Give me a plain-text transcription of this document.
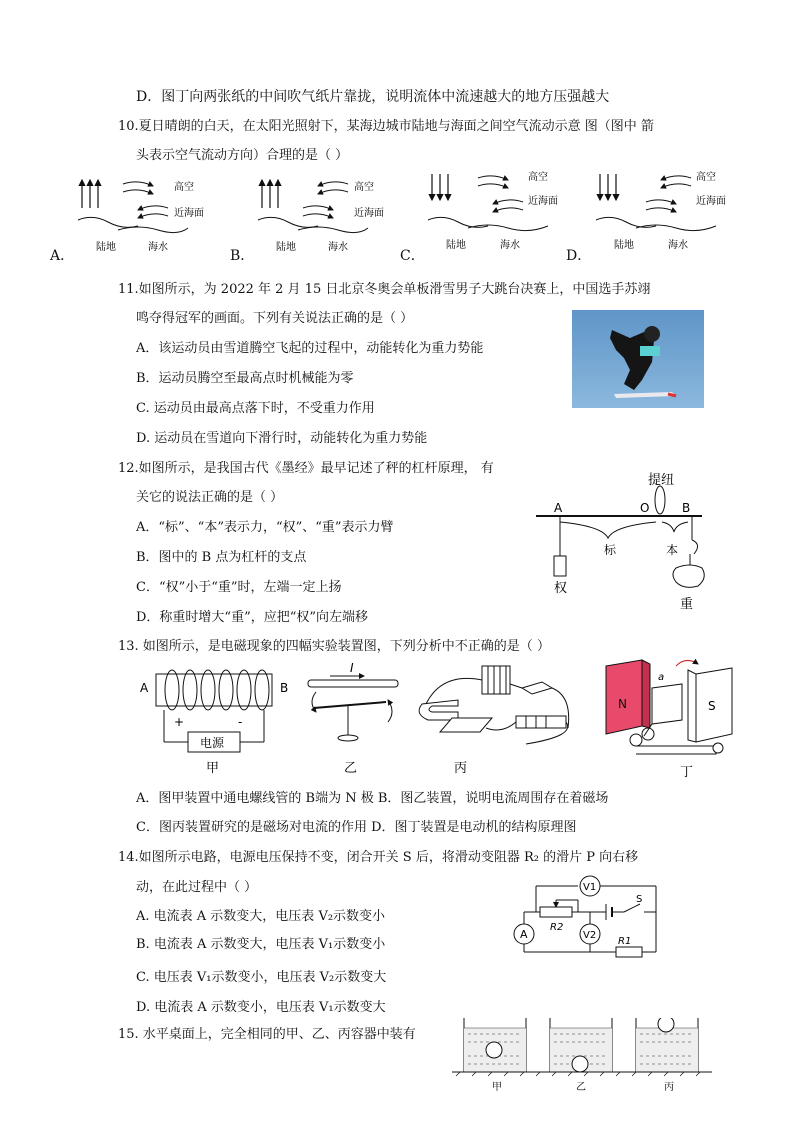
D．图丁向两张纸的中间吹气纸片靠拢，说明流体中流速越大的地方压强越大
10.夏日晴朗的白天，在太阳光照射下，某海边城市陆地与海面之间空气流动示意 图（图中 箭
头表示空气流动方向）合理的是（ ）
高空
近海面
陆地	海水
高空
近海面
陆地	海水
高空
近海面
陆地	海水
高空
近海面
陆地	海水
A．	B．	C．	D．
11.如图所示，为 2022 年 2 月 15 日北京冬奥会单板滑雪男子大跳台决赛上，中国选手苏翊
鸣夺得冠军的画面。下列有关说法正确的是（ ）
A．该运动员由雪道腾空飞起的过程中，动能转化为重力势能
B．运动员腾空至最高点时机械能为零
C. 运动员由最高点落下时，不受重力作用
D. 运动员在雪道向下滑行时，动能转化为重力势能
12.如图所示，是我国古代《墨经》最早记述了秤的杠杆原理， 有
关它的说法正确的是（ ）
A．“标”、“本”表示力，“权”、“重”表示力臂
B．图中的 B 点为杠杆的支点
C．“权”小于“重”时，左端一定上扬
D．称重时增大“重”，应把“权”向左端移
提纽
A	O	B
标	本
权
重
13. 如图所示，是电磁现象的四幅实验装置图，下列分析中不正确的是（ ）
A	B
电源
+	-
甲
I
乙	丙
N	S
a
丁
A．图甲装置中通电螺线管的 B端为 N 极 B．图乙装置，说明电流周围存在着磁场
C．图丙装置研究的是磁场对电流的作用 D．图丁装置是电动机的结构原理图
14.如图所示电路，电源电压保持不变，闭合开关 S 后，将滑动变阻器 R₂ 的滑片 P 向右移
动，在此过程中（ ）
A. 电流表 A 示数变大，电压表 V₂示数变小
B. 电流表 A 示数变大，电压表 V₁示数变小
C. 电压表 V₁示数变小，电压表 V₂示数变大
D. 电流表 A 示数变小，电压表 V₁示数变大
V1
S
R2
A	V2
R1
15. 水平桌面上，完全相同的甲、乙、丙容器中装有
甲	乙	丙
